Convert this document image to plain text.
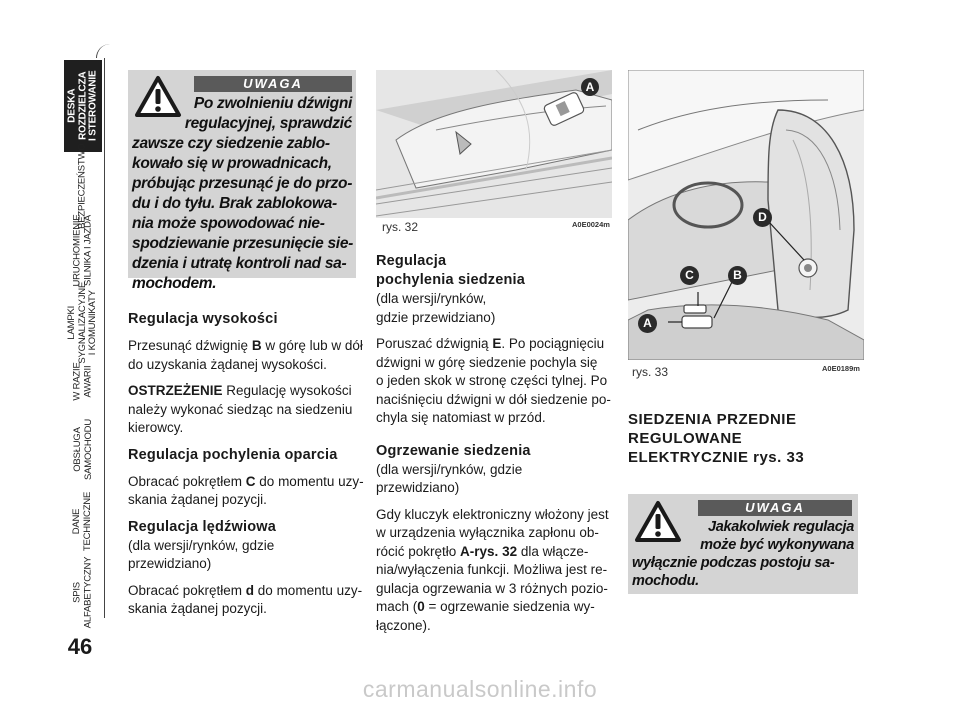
DESKA
ROZDZIELCZA
I STEROWANIE
BEZPIECZEŃSTWO
URUCHOMIENIE
SILNIKA I JAZDA
LAMPKI
SYGNALIZACYJNE
I KOMUNIKATY
W RAZIE
AWARII
OBSŁUGA
SAMOCHODU
DANE
TECHNICZNE
SPIS
ALFABETYCZNY
46
UWAGA
Po zwolnieniu dźwigni
regulacyjnej, sprawdzić
zawsze czy siedzenie zablo-
kowało się w prowadnicach,
próbując przesunąć je do przo-
du i do tyłu. Brak zablokowa-
nia może spowodować nie-
spodziewanie przesunięcie sie-
dzenia i utratę kontroli nad sa-
mochodem.
Regulacja wysokości
Przesunąć dźwignię B w górę lub w dół
do uzyskania żądanej wysokości.
OSTRZEŻENIE Regulację wysokości
należy wykonać siedząc na siedzeniu
kierowcy.
Regulacja pochylenia oparcia
Obracać pokrętłem C do momentu uzy-
skania żądanej pozycji.
Regulacja lędźwiowa
(dla wersji/rynków, gdzie
przewidziano)
Obracać pokrętłem d do momentu uzy-
skania żądanej pozycji.
A
rys. 32	A0E0024m
Regulacja
pochylenia siedzenia
(dla wersji/rynków,
gdzie przewidziano)
Poruszać dźwignią E. Po pociągnięciu
dźwigni w górę siedzenie pochyla się
o jeden skok w stronę części tylnej. Po
naciśnięciu dźwigni w dół siedzenie po-
chyla się natomiast w przód.
Ogrzewanie siedzenia
(dla wersji/rynków, gdzie
przewidziano)
Gdy kluczyk elektroniczny włożony jest
w urządzenia wyłącznika zapłonu ob-
rócić pokrętło A-rys. 32 dla włącze-
nia/wyłączenia funkcji. Możliwa jest re-
gulacja ogrzewania w 3 różnych pozio-
mach (0 = ogrzewanie siedzenia wy-
łączone).
D
C	B
A
rys. 33	A0E0189m
SIEDZENIA PRZEDNIE
REGULOWANE
ELEKTRYCZNIE rys. 33
UWAGA
Jakakolwiek regulacja
może być wykonywana
wyłącznie podczas postoju sa-
mochodu.
carmanualsonline.info
